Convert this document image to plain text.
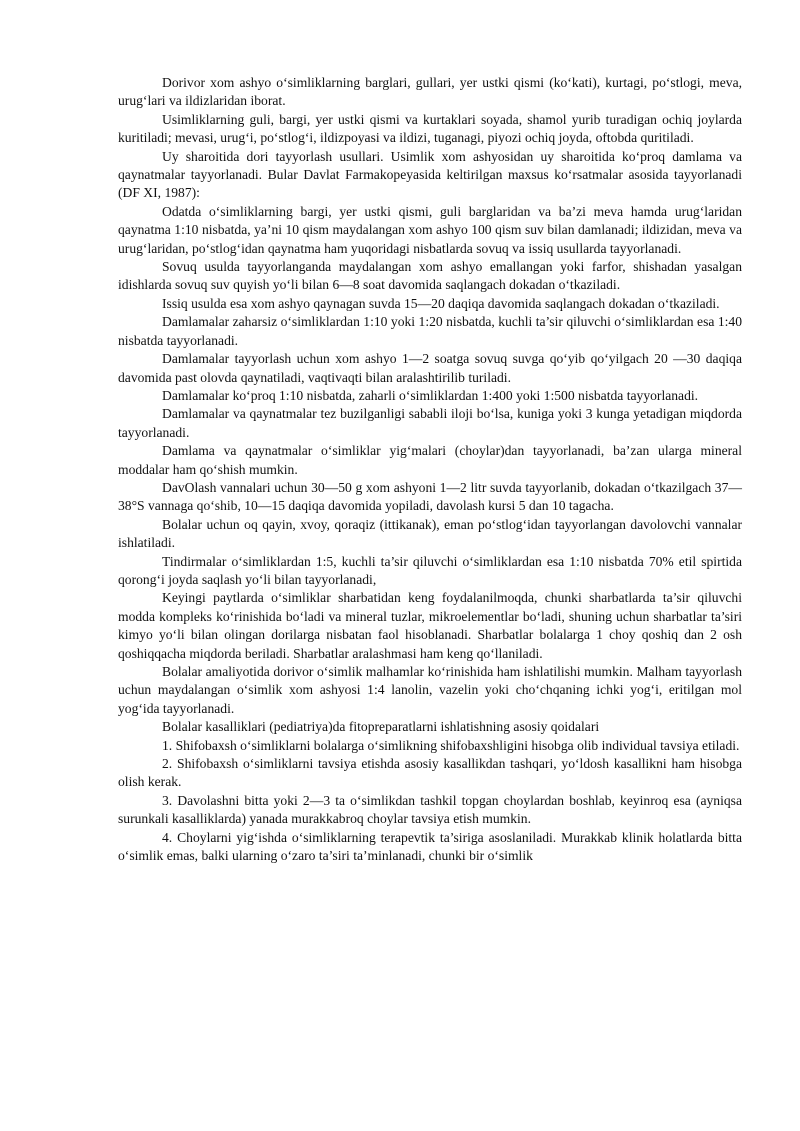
Dorivor xom ashyo o‘simliklarning barglari, gullari, yer ustki qismi (ko‘kati), kurtagi, po‘stlogi, meva, urug‘lari va ildizlaridan iborat.

Usimliklarning guli, bargi, yer ustki qismi va kurtaklari soyada, shamol yurib turadigan ochiq joylarda kuritiladi; mevasi, urug‘i, po‘stlog‘i, ildizpoyasi va ildizi, tuganagi, piyozi ochiq joyda, oftobda quritiladi.

Uy sharoitida dori tayyorlash usullari. Usimlik xom ashyosidan uy sharoitida ko‘proq damlama va qaynatmalar tayyorlanadi. Bular Davlat Farmakopeyasida keltirilgan maxsus ko‘rsatmalar asosida tayyorlanadi (DF XI, 1987):

Odatda o‘simliklarning bargi, yer ustki qismi, guli barglaridan va ba’zi meva hamda urug‘laridan qaynatma 1:10 nisbatda, ya’ni 10 qism maydalangan xom ashyo 100 qism suv bilan damlanadi; ildizidan, meva va urug‘laridan, po‘stlog‘idan qaynatma ham yuqoridagi nisbatlarda sovuq va issiq usullarda tayyorlanadi.

Sovuq usulda tayyorlanganda maydalangan xom ashyo emallangan yoki farfor, shishadan yasalgan idishlarda sovuq suv quyish yo‘li bilan 6—8 soat davomida saqlangach dokadan o‘tkaziladi.

Issiq usulda esa xom ashyo qaynagan suvda 15—20 daqiqa davomida saqlangach dokadan o‘tkaziladi.

Damlamalar zaharsiz o‘simliklardan 1:10 yoki 1:20 nisbatda, kuchli ta’sir qiluvchi o‘simliklardan esa 1:40 nisbatda tayyorlanadi.

Damlamalar tayyorlash uchun xom ashyo 1—2 soatga sovuq suvga qo‘yib qo‘yilgach 20 —30 daqiqa davomida past olovda qaynatiladi, vaqtivaqti bilan aralashtirilib turiladi.

Damlamalar ko‘proq 1:10 nisbatda, zaharli o‘simliklardan 1:400 yoki 1:500 nisbatda tayyorlanadi.

Damlamalar va qaynatmalar tez buzilganligi sababli iloji bo‘lsa, kuniga yoki 3 kunga yetadigan miqdorda tayyorlanadi.

Damlama va qaynatmalar o‘simliklar yig‘malari (choylar)dan tayyorlanadi, ba’zan ularga mineral moddalar ham qo‘shish mumkin.

DavOlash vannalari uchun 30—50 g xom ashyoni 1—2 litr suvda tayyorlanib, dokadan o‘tkazilgach 37—38°S vannaga qo‘shib, 10—15 daqiqa davomida yopiladi, davolash kursi 5 dan 10 tagacha.

Bolalar uchun oq qayin, xvoy, qoraqiz (ittikanak), eman po‘stlog‘idan tayyorlangan davolovchi vannalar ishlatiladi.

Tindirmalar o‘simliklardan 1:5, kuchli ta’sir qiluvchi o‘simliklardan esa 1:10 nisbatda 70% etil spirtida qorong‘i joyda saqlash yo‘li bilan tayyorlanadi,

Keyingi paytlarda o‘simliklar sharbatidan keng foydalanilmoqda, chunki sharbatlarda ta’sir qiluvchi modda kompleks ko‘rinishida bo‘ladi va mineral tuzlar, mikroelementlar bo‘ladi, shuning uchun sharbatlar ta’siri kimyo yo‘li bilan olingan dorilarga nisbatan faol hisoblanadi. Sharbatlar bolalarga 1 choy qoshiq dan 2 osh qoshiqqacha miqdorda beriladi. Sharbatlar aralashmasi ham keng qo‘llaniladi.

Bolalar amaliyotida dorivor o‘simlik malhamlar ko‘rinishida ham ishlatilishi mumkin. Malham tayyorlash uchun maydalangan o‘simlik xom ashyosi 1:4 lanolin, vazelin yoki cho‘chqaning ichki yog‘i, eritilgan mol yog‘ida tayyorlanadi.

Bolalar kasalliklari (pediatriya)da fitopreparatlarni ishlatishning asosiy qoidalari

1. Shifobaxsh o‘simliklarni bolalarga o‘simlikning shifobaxshligini hisobga olib individual tavsiya etiladi.

2. Shifobaxsh o‘simliklarni tavsiya etishda asosiy kasallikdan tashqari, yo‘ldosh kasallikni ham hisobga olish kerak.

3. Davolashni bitta yoki 2—3 ta o‘simlikdan tashkil topgan choylardan boshlab, keyinroq esa (ayniqsa surunkali kasalliklarda) yanada murakkabroq choylar tavsiya etish mumkin.

4. Choylarni yig‘ishda o‘simliklarning terapevtik ta’siriga asoslaniladi. Murakkab klinik holatlarda bitta o‘simlik emas, balki ularning o‘zaro ta’siri ta’minlanadi, chunki bir o‘simlik
